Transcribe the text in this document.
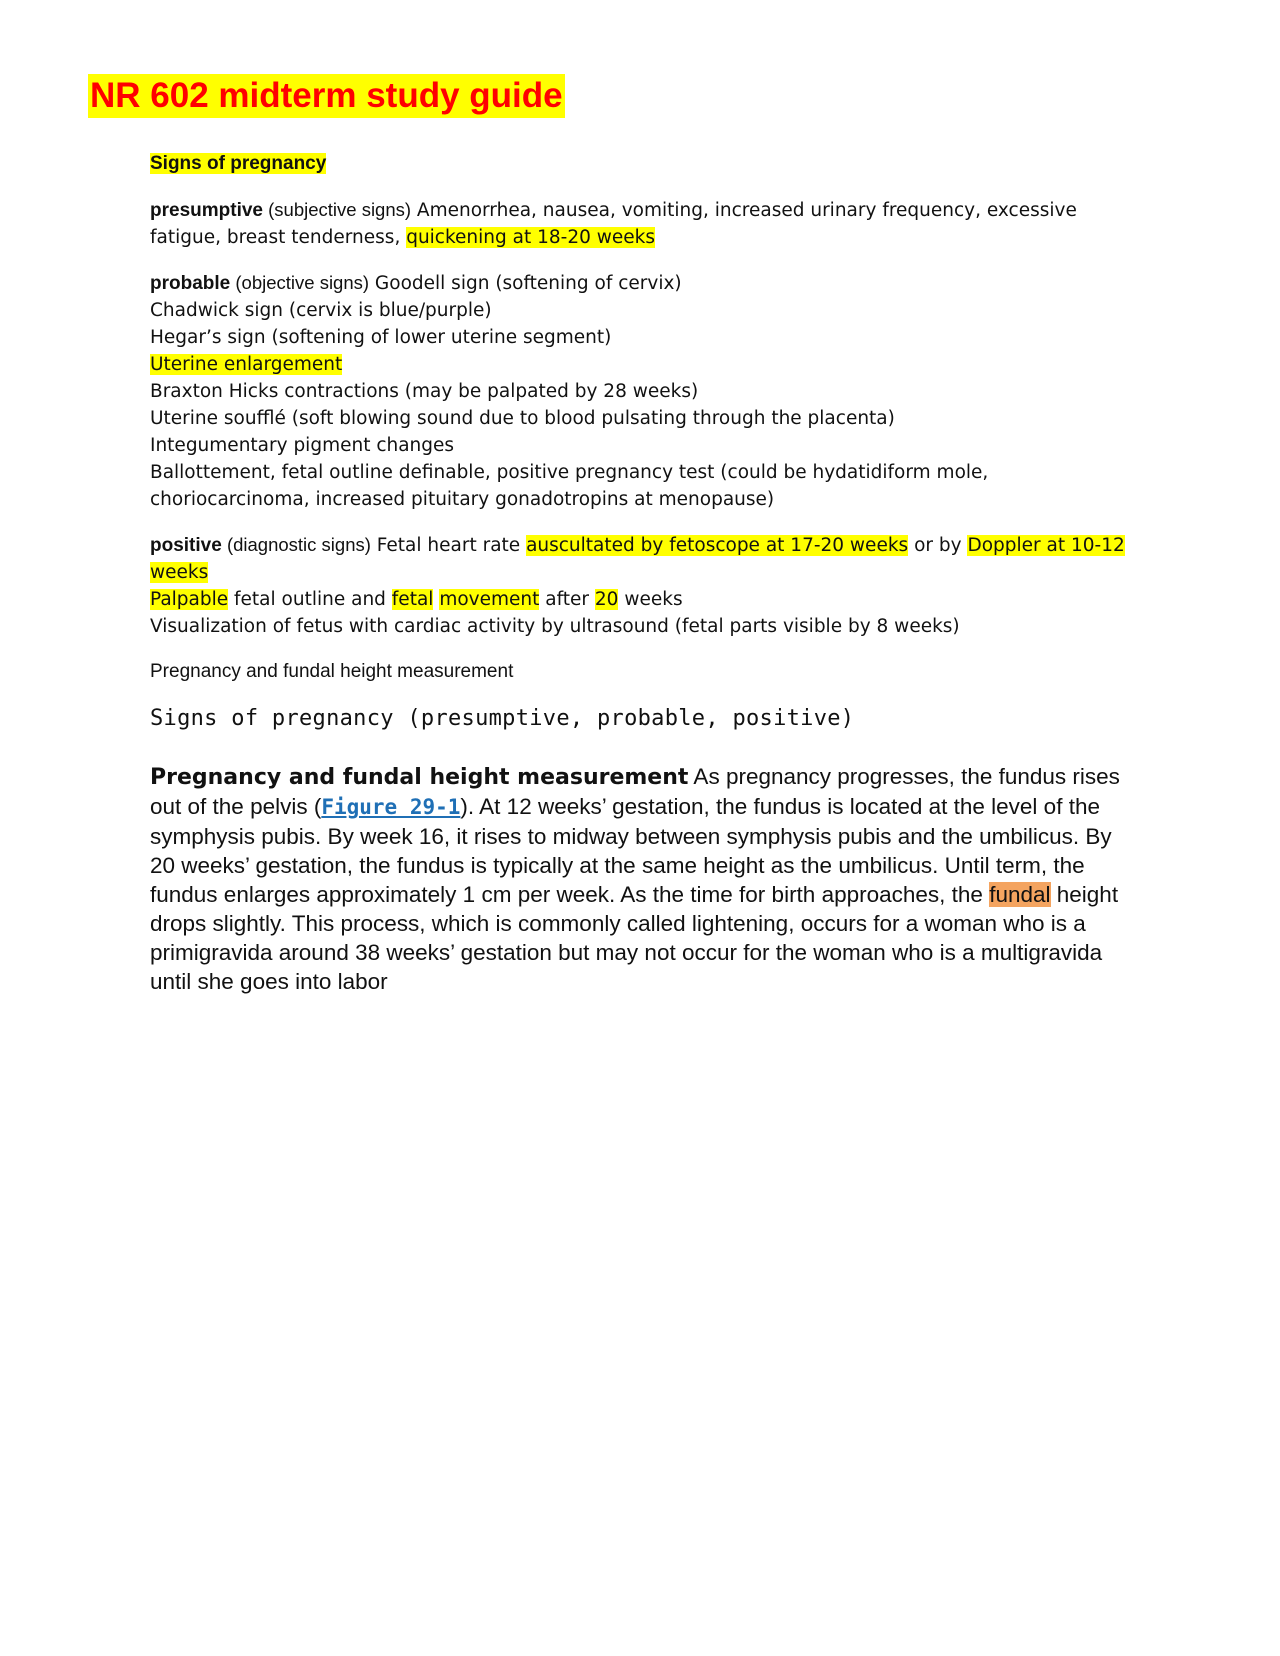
NR 602 midterm study guide
Signs of pregnancy

presumptive (subjective signs) Amenorrhea, nausea, vomiting, increased urinary frequency, excessive fatigue, breast tenderness, quickening at 18-20 weeks

probable (objective signs) Goodell sign (softening of cervix)
Chadwick sign (cervix is blue/purple)
Hegar’s sign (softening of lower uterine segment)
Uterine enlargement
Braxton Hicks contractions (may be palpated by 28 weeks)
Uterine soufflé (soft blowing sound due to blood pulsating through the placenta)
Integumentary pigment changes
Ballottement, fetal outline definable, positive pregnancy test (could be hydatidiform mole, choriocarcinoma, increased pituitary gonadotropins at menopause)

positive (diagnostic signs) Fetal heart rate auscultated by fetoscope at 17-20 weeks or by Doppler at 10-12 weeks
Palpable fetal outline and fetal movement after 20 weeks
Visualization of fetus with cardiac activity by ultrasound (fetal parts visible by 8 weeks)

Pregnancy and fundal height measurement
Signs of pregnancy (presumptive, probable, positive)

Pregnancy and fundal height measurement As pregnancy progresses, the fundus rises out of the pelvis (Figure 29-1). At 12 weeks’ gestation, the fundus is located at the level of the symphysis pubis. By week 16, it rises to midway between symphysis pubis and the umbilicus. By 20 weeks’ gestation, the fundus is typically at the same height as the umbilicus. Until term, the fundus enlarges approximately 1 cm per week. As the time for birth approaches, the fundal height drops slightly. This process, which is commonly called lightening, occurs for a woman who is a primigravida around 38 weeks’ gestation but may not occur for the woman who is a multigravida until she goes into labor
